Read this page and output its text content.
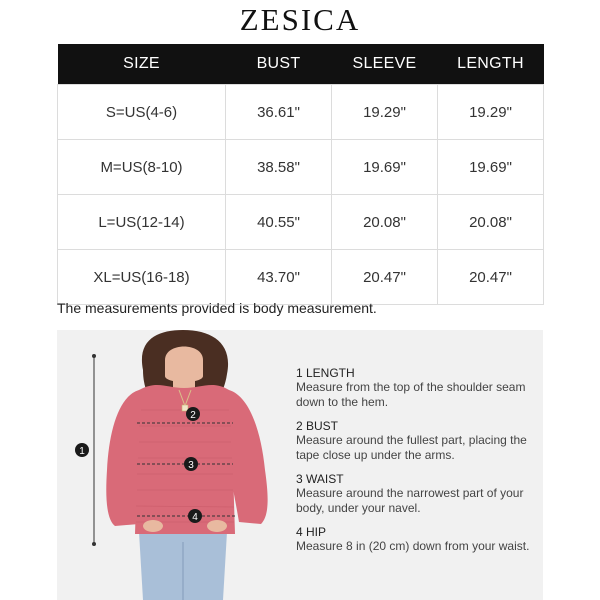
ZESICA
SIZE	BUST	SLEEVE	LENGTH
S=US(4-6)	36.61"	19.29"	19.29"
M=US(8-10)	38.58"	19.69"	19.69"
L=US(12-14)	40.55"	20.08"	20.08"
XL=US(16-18)	43.70"	20.47"	20.47"
The measurements provided is body measurement.
1
2
3
4
1 LENGTH
Measure from the top of the shoulder seam down to the hem.
2 BUST
Measure around the fullest part, placing the tape close up under the arms.
3 WAIST
Measure around the narrowest part of your body, under your navel.
4 HIP
Measure 8 in (20 cm) down from your waist.
